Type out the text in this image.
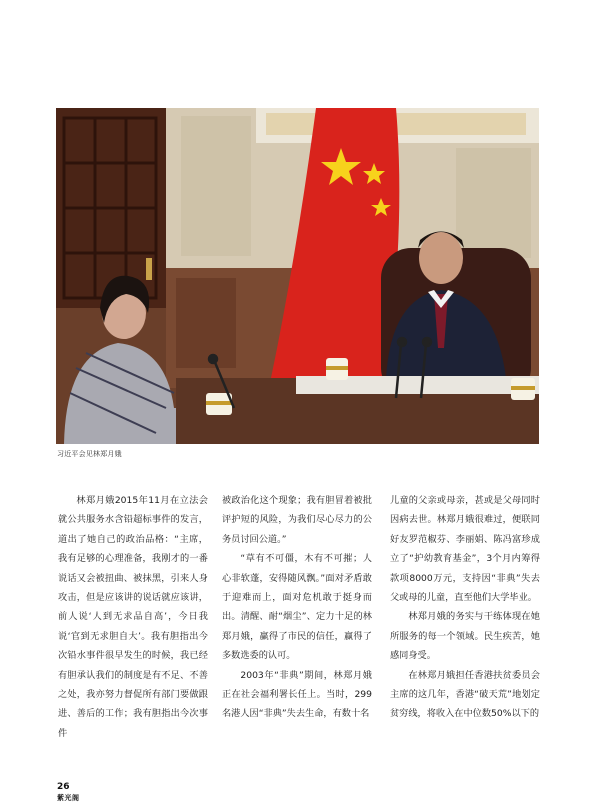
习近平会见林郑月娥

林郑月娥2015年11月在立法会就公共服务水含铅超标事件的发言，道出了她自己的政治品格：“主席，我有足够的心理准备，我刚才的一番说话又会被扭曲、被抹黑，引来人身攻击，但是应该讲的说话就应该讲，前人说‘人到无求品自高’，今日我说‘官到无求胆自大’。我有胆指出今次铅水事件很早发生的时候，我已经有胆承认我们的制度是有不足、不善之处，我亦努力督促所有部门要做跟进、善后的工作；我有胆指出今次事件

被政治化这个现象；我有胆冒着被批评护短的风险，为我们尽心尽力的公务员讨回公道。”

“草有不可僵，木有不可摧；人心非软蓬，安得随风飘。”面对矛盾敢于迎难而上，面对危机敢于挺身而出。清醒、耐“烟尘”、定力十足的林郑月娥，赢得了市民的信任，赢得了多数选委的认可。

2003年“非典”期间，林郑月娥正在社会福利署长任上。当时，299名港人因“非典”失去生命，有数十名

儿童的父亲或母亲，甚或是父母同时因病去世。林郑月娥很难过，便联同好友罗范椒芬、李丽娟、陈冯富珍成立了“护幼教育基金”，3个月内筹得款项8000万元，支持因“非典”失去父或母的儿童，直至他们大学毕业。

林郑月娥的务实与干练体现在她所服务的每一个领域。民生疾苦，她感同身受。

在林郑月娥担任香港扶贫委员会主席的这几年，香港“破天荒”地划定贫穷线，将收入在中位数50%以下的

26
紫光阁
